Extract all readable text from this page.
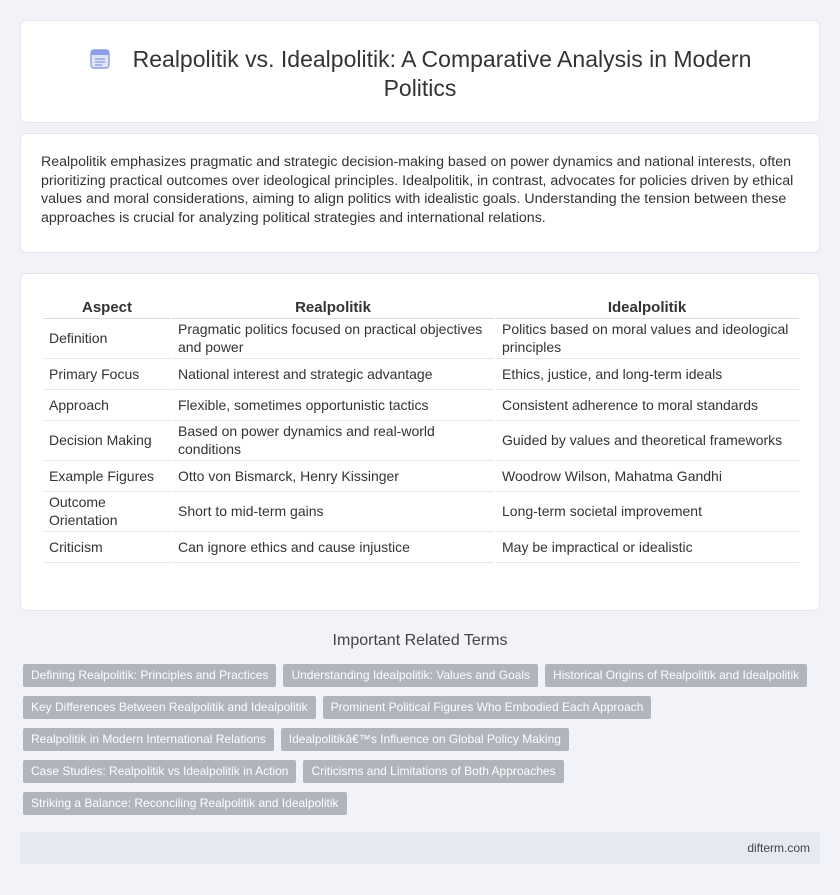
Realpolitik vs. Idealpolitik: A Comparative Analysis in Modern
Politics

Realpolitik emphasizes pragmatic and strategic decision-making based on power dynamics and national interests, often prioritizing practical outcomes over ideological principles. Idealpolitik, in contrast, advocates for policies driven by ethical values and moral considerations, aiming to align politics with idealistic goals. Understanding the tension between these approaches is crucial for analyzing political strategies and international relations.

Aspect	Realpolitik	Idealpolitik
Definition	Pragmatic politics focused on practical objectives and power	Politics based on moral values and ideological principles
Primary Focus	National interest and strategic advantage	Ethics, justice, and long-term ideals
Approach	Flexible, sometimes opportunistic tactics	Consistent adherence to moral standards
Decision Making	Based on power dynamics and real-world conditions	Guided by values and theoretical frameworks
Example Figures	Otto von Bismarck, Henry Kissinger	Woodrow Wilson, Mahatma Gandhi
Outcome Orientation	Short to mid-term gains	Long-term societal improvement
Criticism	Can ignore ethics and cause injustice	May be impractical or idealistic
Important Related Terms
Defining Realpolitik: Principles and Practices	Understanding Idealpolitik: Values and Goals	Historical Origins of Realpolitik and Idealpolitik
Key Differences Between Realpolitik and Idealpolitik	Prominent Political Figures Who Embodied Each Approach
Realpolitik in Modern International Relations	Idealpolitikâ€™s Influence on Global Policy Making
Case Studies: Realpolitik vs Idealpolitik in Action	Criticisms and Limitations of Both Approaches
Striking a Balance: Reconciling Realpolitik and Idealpolitik
difterm.com
